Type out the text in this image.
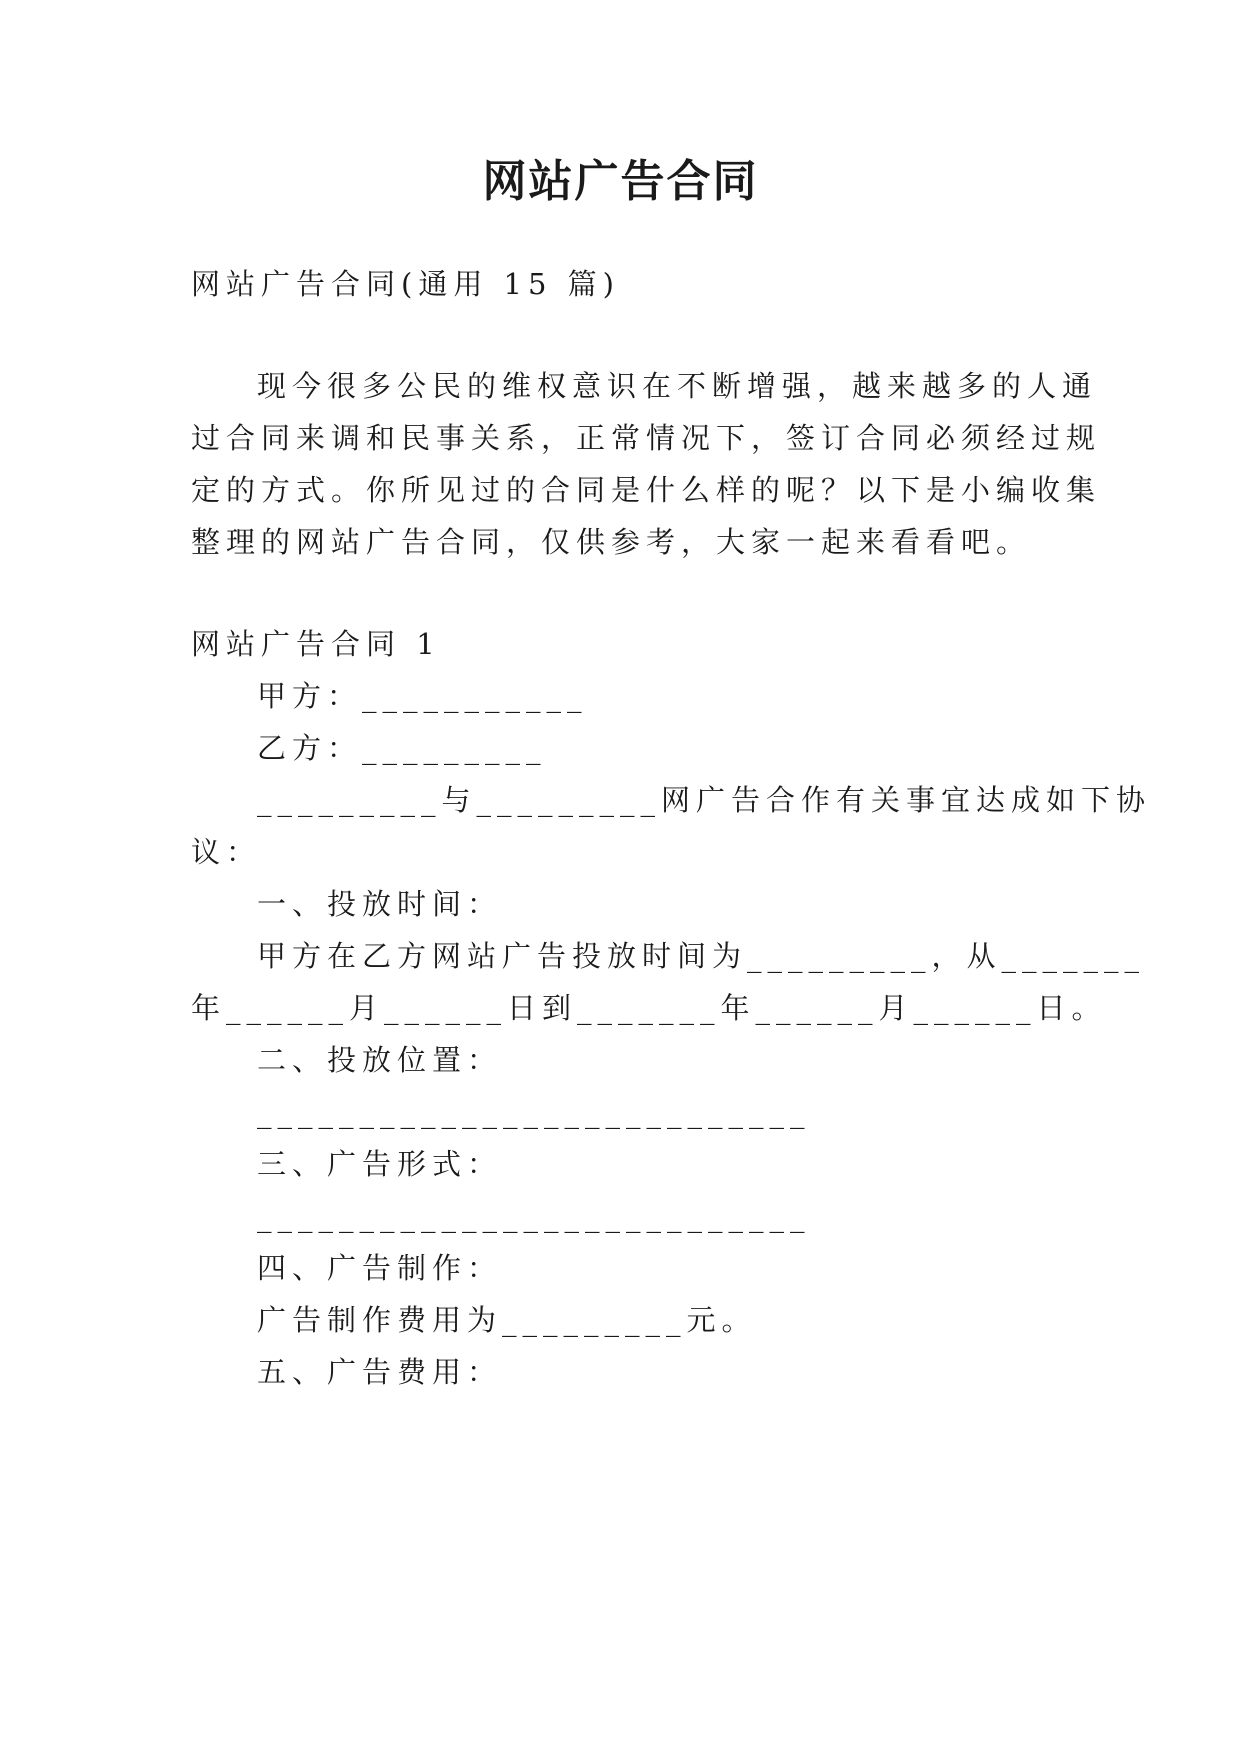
网站广告合同
网站广告合同(通用 15 篇)
现今很多公民的维权意识在不断增强，越来越多的人通
过合同来调和民事关系，正常情况下，签订合同必须经过规
定的方式。你所见过的合同是什么样的呢？以下是小编收集
整理的网站广告合同，仅供参考，大家一起来看看吧。
网站广告合同 1
甲方：___________
乙方：_________
_________与_________网广告合作有关事宜达成如下协
议：
一、投放时间：
甲方在乙方网站广告投放时间为_________，从_______
年______月______日到_______年______月______日。
二、投放位置：
___________________________
三、广告形式：
___________________________
四、广告制作：
广告制作费用为_________元。
五、广告费用：
